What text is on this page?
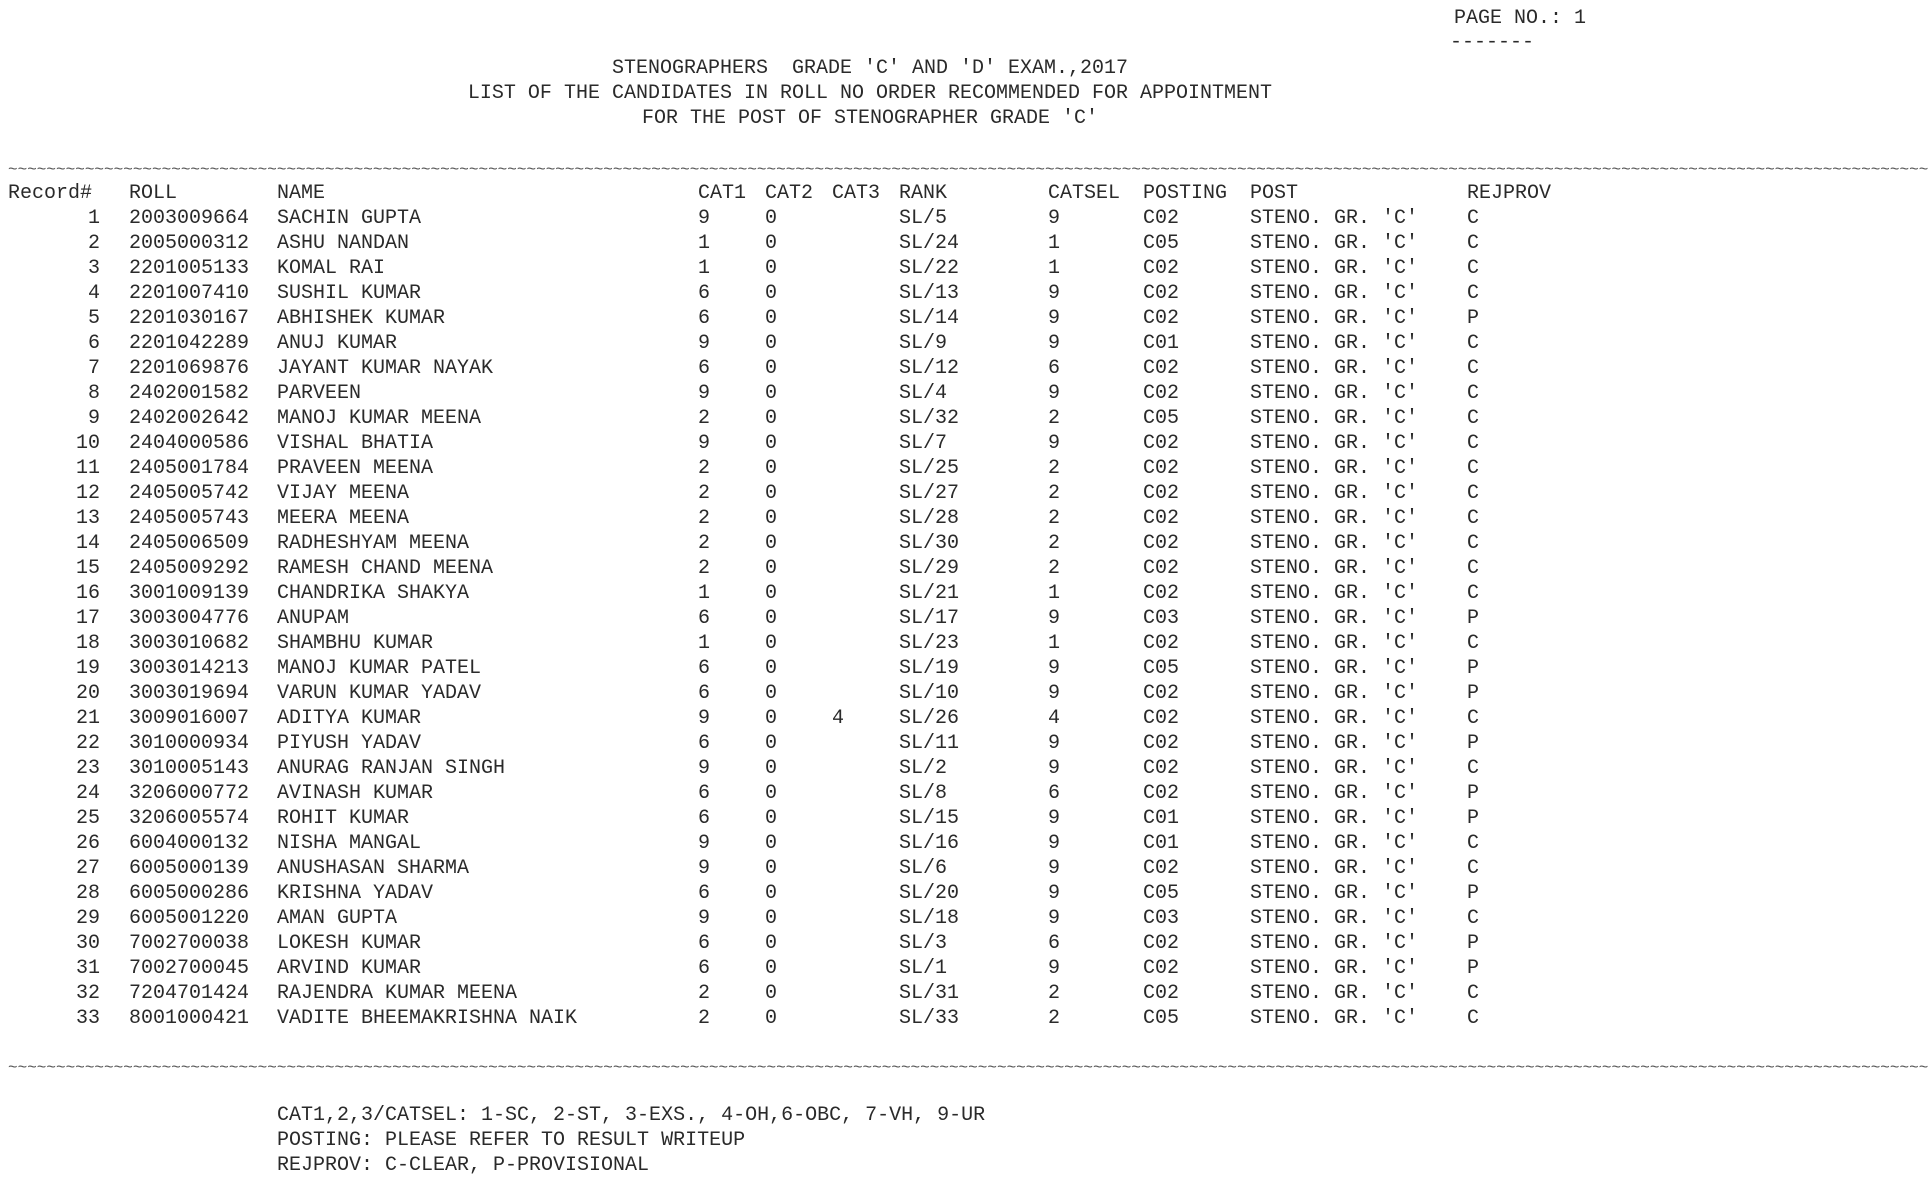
PAGE NO.: 1
-------
STENOGRAPHERS  GRADE 'C' AND 'D' EXAM.,2017
LIST OF THE CANDIDATES IN ROLL NO ORDER RECOMMENDED FOR APPOINTMENT
FOR THE POST OF STENOGRAPHER GRADE 'C'
~~~~~~~~~~~~~~~~~~~~~~~~~~~~~~~~~~~~~~~~~~~~~~~~~~~~~~~~~~~~~~~~~~~~~~~~~~~~~~~~~~~~~~~~~~~~~~~~~~~~~~~~~~~~~~~~~~~~~~~~~~~~~~~~~~~~~~~~~~~~~~~~~~~~~~~~~~~~~~~~~~~~~~~~~~~~~~~~~~~~~~~~~~~~~~~~~~~~~~~~
Record# ROLL	NAME	CAT1 CAT2 CAT3 RANK	CATSEL POSTING POST	REJPROV
1 2003009664 SACHIN GUPTA	9	0	SL/5	9	C02	STENO. GR. 'C' C
2 2005000312 ASHU NANDAN	1	0	SL/24	1	C05	STENO. GR. 'C' C
3 2201005133 KOMAL RAI	1	0	SL/22	1	C02	STENO. GR. 'C' C
4 2201007410 SUSHIL KUMAR	6	0	SL/13	9	C02	STENO. GR. 'C' C
5 2201030167 ABHISHEK KUMAR	6	0	SL/14	9	C02	STENO. GR. 'C' P
6 2201042289 ANUJ KUMAR	9	0	SL/9	9	C01	STENO. GR. 'C' C
7 2201069876 JAYANT KUMAR NAYAK	6	0	SL/12	6	C02	STENO. GR. 'C' C
8 2402001582 PARVEEN	9	0	SL/4	9	C02	STENO. GR. 'C' C
9 2402002642 MANOJ KUMAR MEENA	2	0	SL/32	2	C05	STENO. GR. 'C' C
10 2404000586 VISHAL BHATIA	9	0	SL/7	9	C02	STENO. GR. 'C' C
11 2405001784 PRAVEEN MEENA	2	0	SL/25	2	C02	STENO. GR. 'C' C
12 2405005742 VIJAY MEENA	2	0	SL/27	2	C02	STENO. GR. 'C' C
13 2405005743 MEERA MEENA	2	0	SL/28	2	C02	STENO. GR. 'C' C
14 2405006509 RADHESHYAM MEENA	2	0	SL/30	2	C02	STENO. GR. 'C' C
15 2405009292 RAMESH CHAND MEENA	2	0	SL/29	2	C02	STENO. GR. 'C' C
16 3001009139 CHANDRIKA SHAKYA	1	0	SL/21	1	C02	STENO. GR. 'C' C
17 3003004776 ANUPAM	6	0	SL/17	9	C03	STENO. GR. 'C' P
18 3003010682 SHAMBHU KUMAR	1	0	SL/23	1	C02	STENO. GR. 'C' C
19 3003014213 MANOJ KUMAR PATEL	6	0	SL/19	9	C05	STENO. GR. 'C' P
20 3003019694 VARUN KUMAR YADAV	6	0	SL/10	9	C02	STENO. GR. 'C' P
21 3009016007 ADITYA KUMAR	9	0	4	SL/26	4	C02	STENO. GR. 'C' C
22 3010000934 PIYUSH YADAV	6	0	SL/11	9	C02	STENO. GR. 'C' P
23 3010005143 ANURAG RANJAN SINGH	9	0	SL/2	9	C02	STENO. GR. 'C' C
24 3206000772 AVINASH KUMAR	6	0	SL/8	6	C02	STENO. GR. 'C' P
25 3206005574 ROHIT KUMAR	6	0	SL/15	9	C01	STENO. GR. 'C' P
26 6004000132 NISHA MANGAL	9	0	SL/16	9	C01	STENO. GR. 'C' C
27 6005000139 ANUSHASAN SHARMA	9	0	SL/6	9	C02	STENO. GR. 'C' C
28 6005000286 KRISHNA YADAV	6	0	SL/20	9	C05	STENO. GR. 'C' P
29 6005001220 AMAN GUPTA	9	0	SL/18	9	C03	STENO. GR. 'C' C
30 7002700038 LOKESH KUMAR	6	0	SL/3	6	C02	STENO. GR. 'C' P
31 7002700045 ARVIND KUMAR	6	0	SL/1	9	C02	STENO. GR. 'C' P
32 7204701424 RAJENDRA KUMAR MEENA	2	0	SL/31	2	C02	STENO. GR. 'C' C
33 8001000421 VADITE BHEEMAKRISHNA NAIK	2	0	SL/33	2	C05	STENO. GR. 'C' C
~~~~~~~~~~~~~~~~~~~~~~~~~~~~~~~~~~~~~~~~~~~~~~~~~~~~~~~~~~~~~~~~~~~~~~~~~~~~~~~~~~~~~~~~~~~~~~~~~~~~~~~~~~~~~~~~~~~~~~~~~~~~~~~~~~~~~~~~~~~~~~~~~~~~~~~~~~~~~~~~~~~~~~~~~~~~~~~~~~~~~~~~~~~~~~~~~~~~~~~~
CAT1,2,3/CATSEL: 1-SC, 2-ST, 3-EXS., 4-OH,6-OBC, 7-VH, 9-UR
POSTING: PLEASE REFER TO RESULT WRITEUP
REJPROV: C-CLEAR, P-PROVISIONAL
